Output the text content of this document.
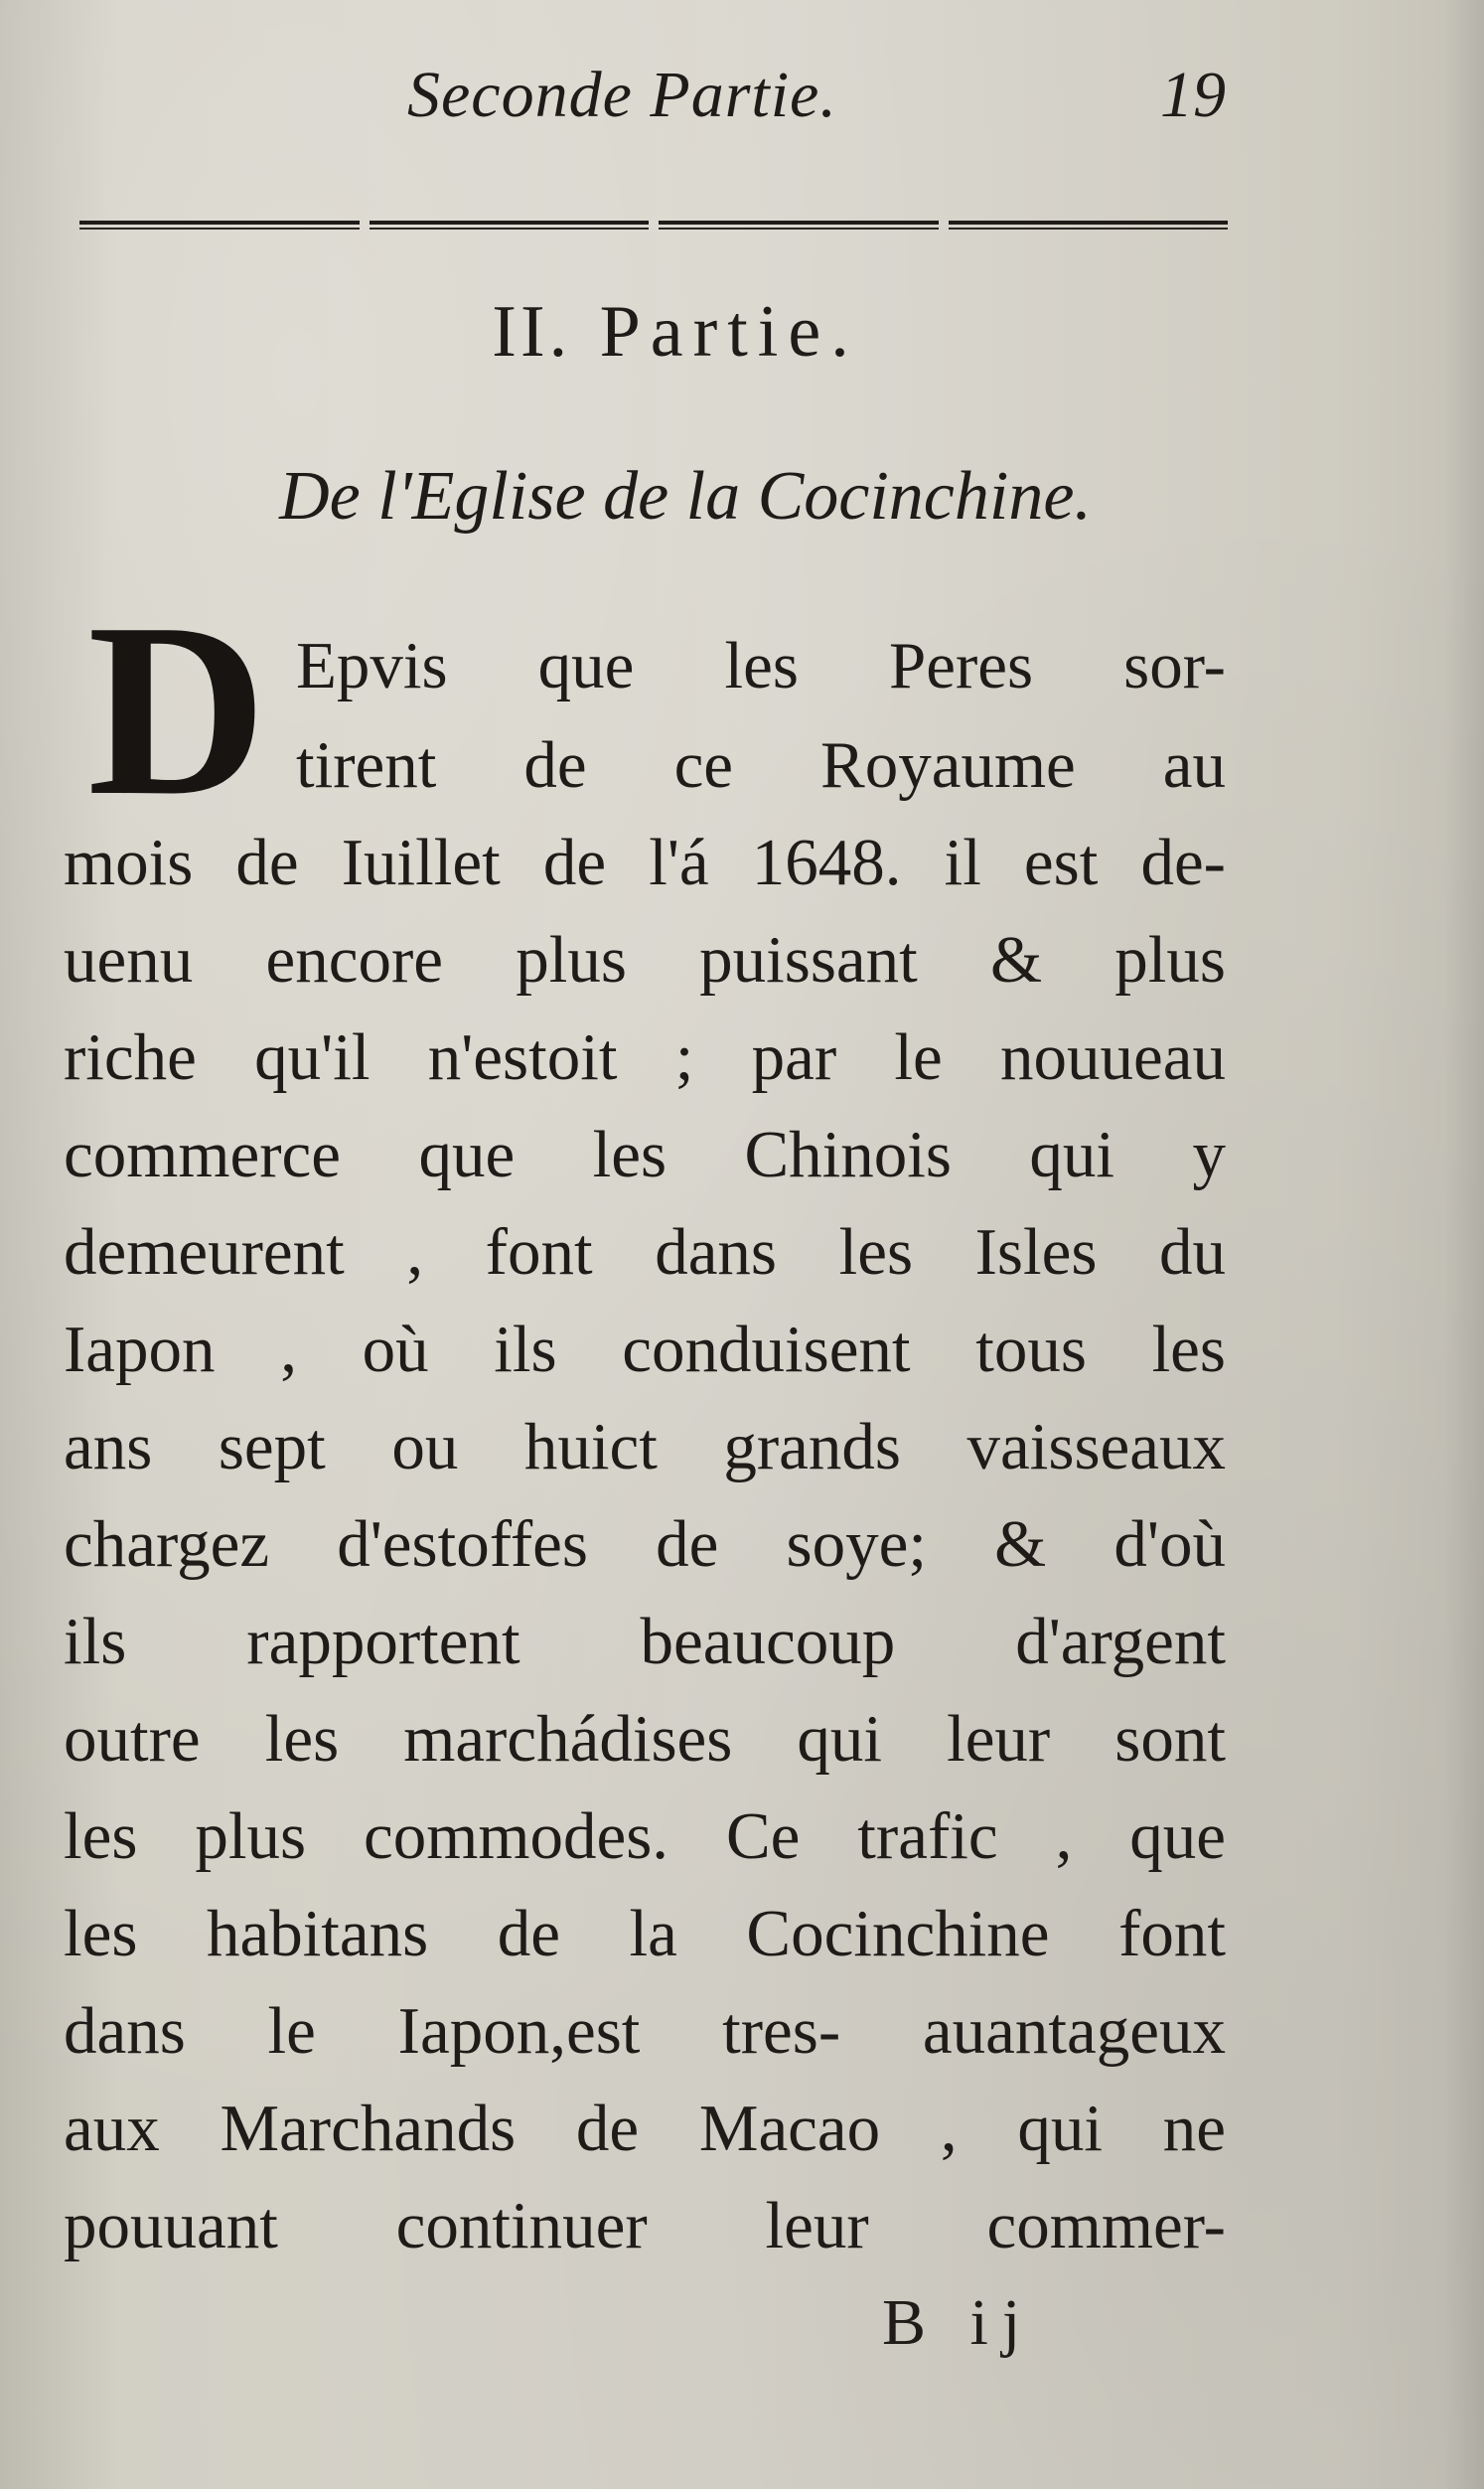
Seconde Partie.	19
II. Partie.
De l'Eglise de la Cocinchine.
D Epvis que les Peres sor-
tirent de ce Royaume au
mois de Iuillet de l'á 1648. il est de-
uenu encore plus puissant & plus
riche qu'il n'estoit ; par le nouueau
commerce que les Chinois qui y
demeurent , font dans les Isles du
Iapon , où ils conduisent tous les
ans sept ou huict grands vaisseaux
chargez d'estoffes de soye; & d'où
ils rapportent beaucoup d'argent
outre les marchádises qui leur sont
les plus commodes. Ce trafic , que
les habitans de la Cocinchine font
dans le Iapon,est tres- auantageux
aux Marchands de Macao , qui ne
pouuant continuer leur commer-
B ij
